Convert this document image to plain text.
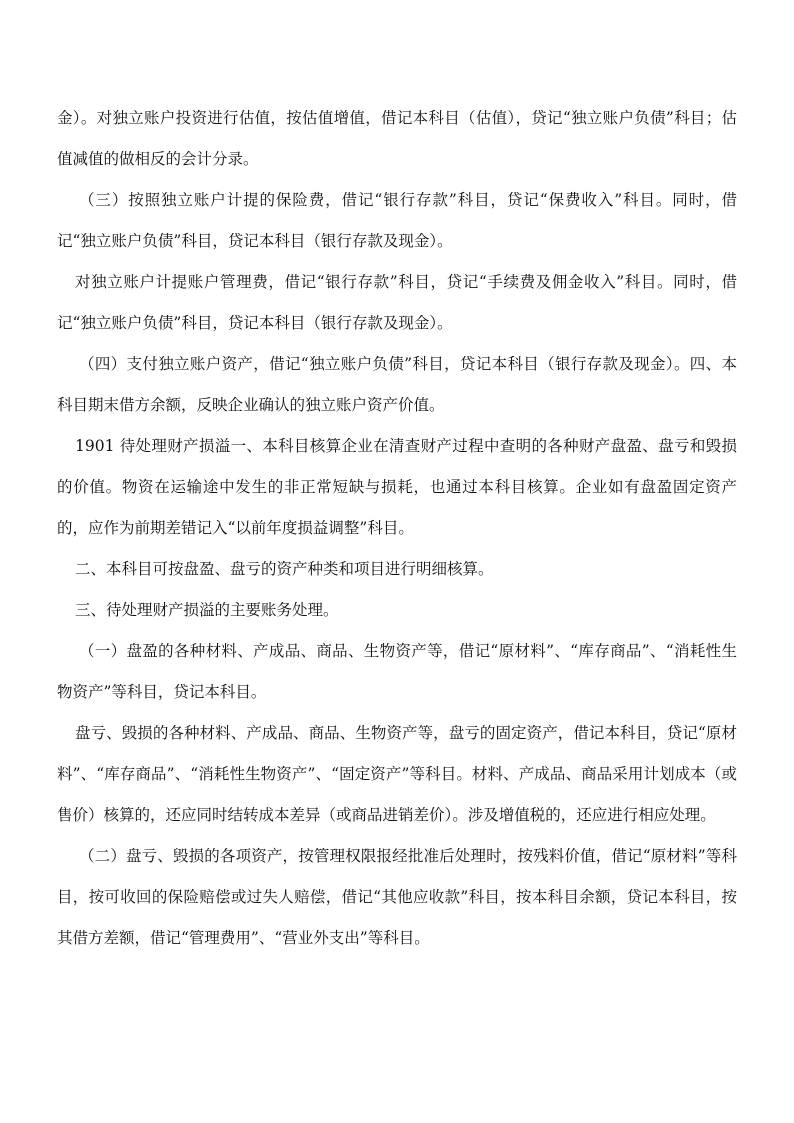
金）。对独立账户投资进行估值，按估值增值，借记本科目（估值），贷记“独立账户负债”科目；估值减值的做相反的会计分录。

（三）按照独立账户计提的保险费，借记“银行存款”科目，贷记“保费收入”科目。同时，借记“独立账户负债”科目，贷记本科目（银行存款及现金）。

对独立账户计提账户管理费，借记“银行存款”科目，贷记“手续费及佣金收入”科目。同时，借记“独立账户负债”科目，贷记本科目（银行存款及现金）。

（四）支付独立账户资产，借记“独立账户负债”科目，贷记本科目（银行存款及现金）。四、本科目期末借方余额，反映企业确认的独立账户资产价值。

1901 待处理财产损溢一、本科目核算企业在清查财产过程中查明的各种财产盘盈、盘亏和毁损的价值。物资在运输途中发生的非正常短缺与损耗，也通过本科目核算。企业如有盘盈固定资产的，应作为前期差错记入“以前年度损益调整”科目。

二、本科目可按盘盈、盘亏的资产种类和项目进行明细核算。

三、待处理财产损溢的主要账务处理。

（一）盘盈的各种材料、产成品、商品、生物资产等，借记“原材料”、“库存商品”、“消耗性生物资产”等科目，贷记本科目。

盘亏、毁损的各种材料、产成品、商品、生物资产等，盘亏的固定资产，借记本科目，贷记“原材料”、“库存商品”、“消耗性生物资产”、“固定资产”等科目。材料、产成品、商品采用计划成本（或售价）核算的，还应同时结转成本差异（或商品进销差价）。涉及增值税的，还应进行相应处理。

（二）盘亏、毁损的各项资产，按管理权限报经批准后处理时，按残料价值，借记“原材料”等科目，按可收回的保险赔偿或过失人赔偿，借记“其他应收款”科目，按本科目余额，贷记本科目，按其借方差额，借记“管理费用”、“营业外支出”等科目。
